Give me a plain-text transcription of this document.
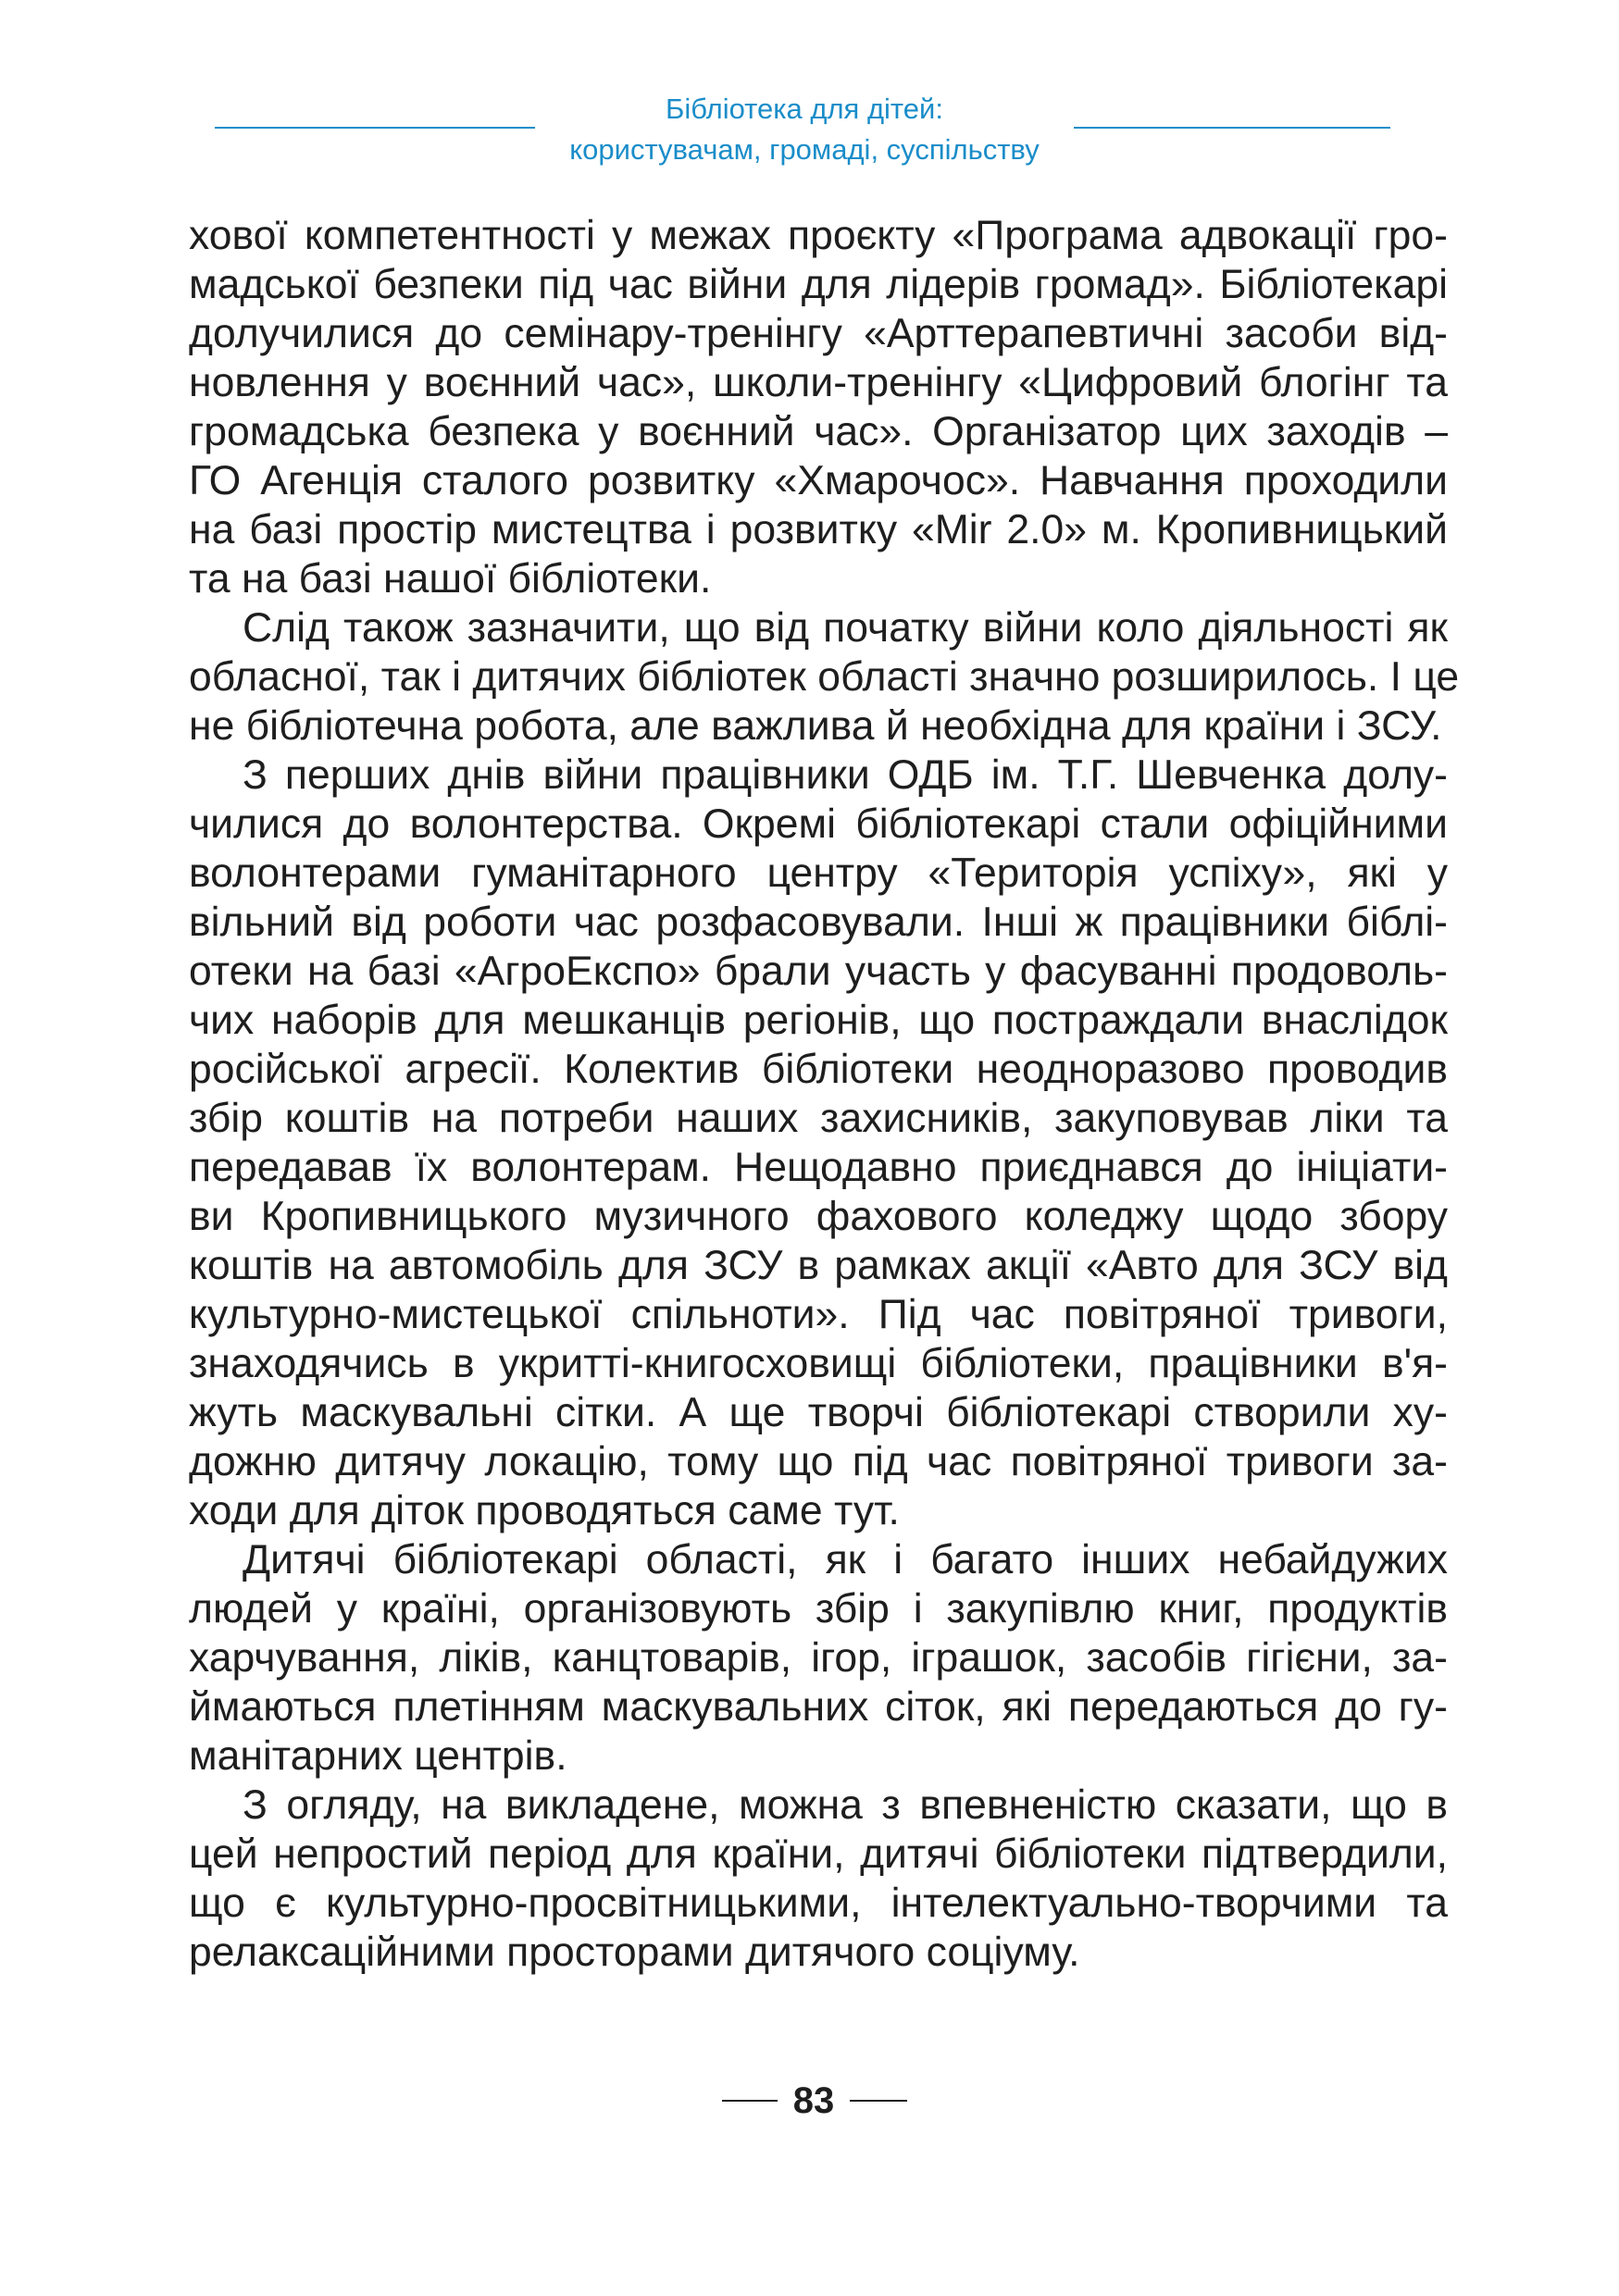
Бібліотека для дітей:
користувачам, громаді, суспільству
хової компетентності у межах проєкту «Програма адвокації гро-
мадської безпеки під час війни для лідерів громад». Бібліотекарі
долучилися до семінару-тренінгу «Арттерапевтичні засоби від-
новлення у воєнний час», школи-тренінгу «Цифровий блогінг та
громадська безпека у воєнний час». Організатор цих заходів –
ГО Агенція сталого розвитку «Хмарочос». Навчання проходили
на базі простір мистецтва і розвитку «Mir 2.0» м. Кропивницький
та на базі нашої бібліотеки.
Слід також зазначити, що від початку війни коло діяльності як
обласної, так і дитячих бібліотек області значно розширилось. І це
не бібліотечна робота, але важлива й необхідна для країни і ЗСУ.
З перших днів війни працівники ОДБ ім. Т.Г. Шевченка долу-
чилися до волонтерства. Окремі бібліотекарі стали офіційними
волонтерами гуманітарного центру «Територія успіху», які у
вільний від роботи час розфасовували. Інші ж працівники біблі-
отеки на базі «АгроЕкспо» брали участь у фасуванні продоволь-
чих наборів для мешканців регіонів, що постраждали внаслідок
російської агресії. Колектив бібліотеки неодноразово проводив
збір коштів на потреби наших захисників, закуповував ліки та
передавав їх волонтерам. Нещодавно приєднався до ініціати-
ви Кропивницького музичного фахового коледжу щодо збору
коштів на автомобіль для ЗСУ в рамках акції «Авто для ЗСУ від
культурно-мистецької спільноти». Під час повітряної тривоги,
знаходячись в укритті-книгосховищі бібліотеки, працівники в'я-
жуть маскувальні сітки. А ще творчі бібліотекарі створили ху-
дожню дитячу локацію, тому що під час повітряної тривоги за-
ходи для діток проводяться саме тут.
Дитячі бібліотекарі області, як і багато інших небайдужих
людей у країні, організовують збір і закупівлю книг, продуктів
харчування, ліків, канцтоварів, ігор, іграшок, засобів гігієни, за-
ймаються плетінням маскувальних сіток, які передаються до гу-
манітарних центрів.
З огляду, на викладене, можна з впевненістю сказати, що в
цей непростий період для країни, дитячі бібліотеки підтвердили,
що є культурно-просвітницькими, інтелектуально-творчими та
релаксаційними просторами дитячого соціуму.
83
